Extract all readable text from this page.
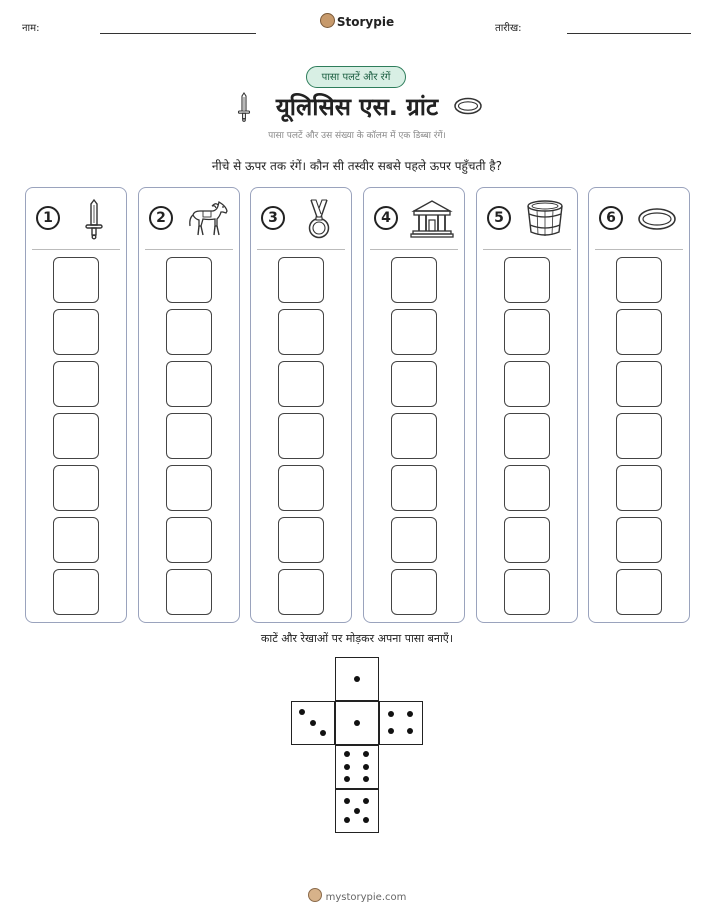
नाम:	Storypie	तारीख:
पासा पलटें और रंगें
यूलिसिस एस. ग्रांट
पासा पलटें और उस संख्या के कॉलम में एक डिब्बा रंगें।
नीचे से ऊपर तक रंगें। कौन सी तस्वीर सबसे पहले ऊपर पहुँचती है?
1	2	3	4	5	6
काटें और रेखाओं पर मोड़कर अपना पासा बनाएँ।
mystorypie.com
